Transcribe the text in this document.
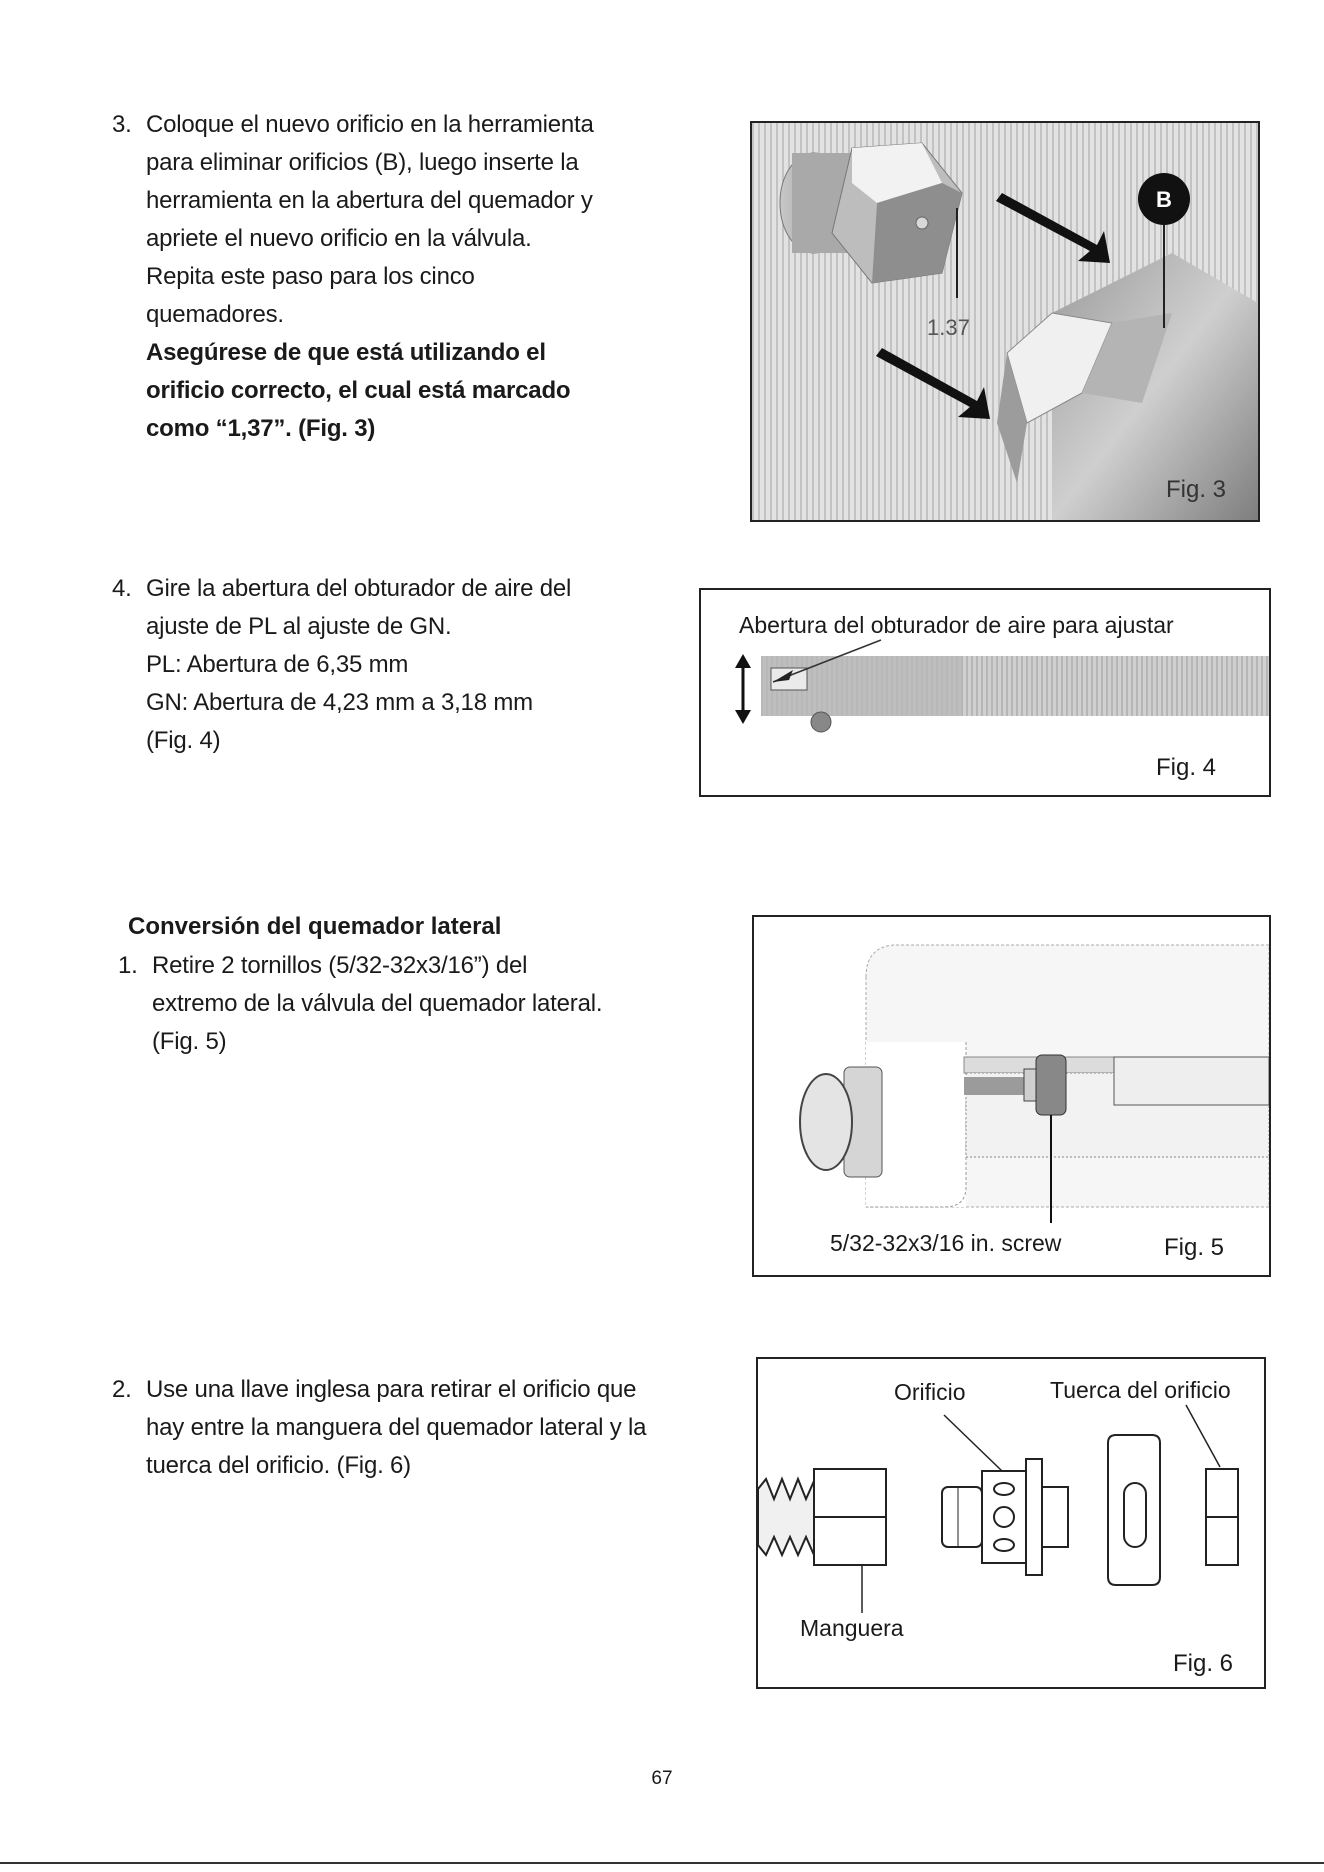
3. Coloque el nuevo orificio en la herramienta
para eliminar orificios (B), luego inserte la
herramienta en la abertura del quemador y
apriete el nuevo orificio en la válvula.
Repita este paso para los cinco
quemadores.
Asegúrese de que está utilizando el
orificio correcto, el cual está marcado
como “1,37”. (Fig. 3)
1.37
B
Fig. 3
4. Gire la abertura del obturador de aire del
ajuste de PL al ajuste de GN.
PL: Abertura de 6,35 mm
GN: Abertura de 4,23 mm a 3,18 mm
(Fig. 4)
Abertura del obturador de aire para ajustar
Fig. 4
Conversión del quemador lateral
1. Retire 2 tornillos (5/32-32x3/16”) del
extremo de la válvula del quemador lateral.
(Fig. 5)
5/32-32x3/16 in. screw	Fig. 5
2. Use una llave inglesa para retirar el orificio que
hay entre la manguera del quemador lateral y la
tuerca del orificio. (Fig. 6)
Orificio	Tuerca del orificio
Manguera
Fig. 6
67
